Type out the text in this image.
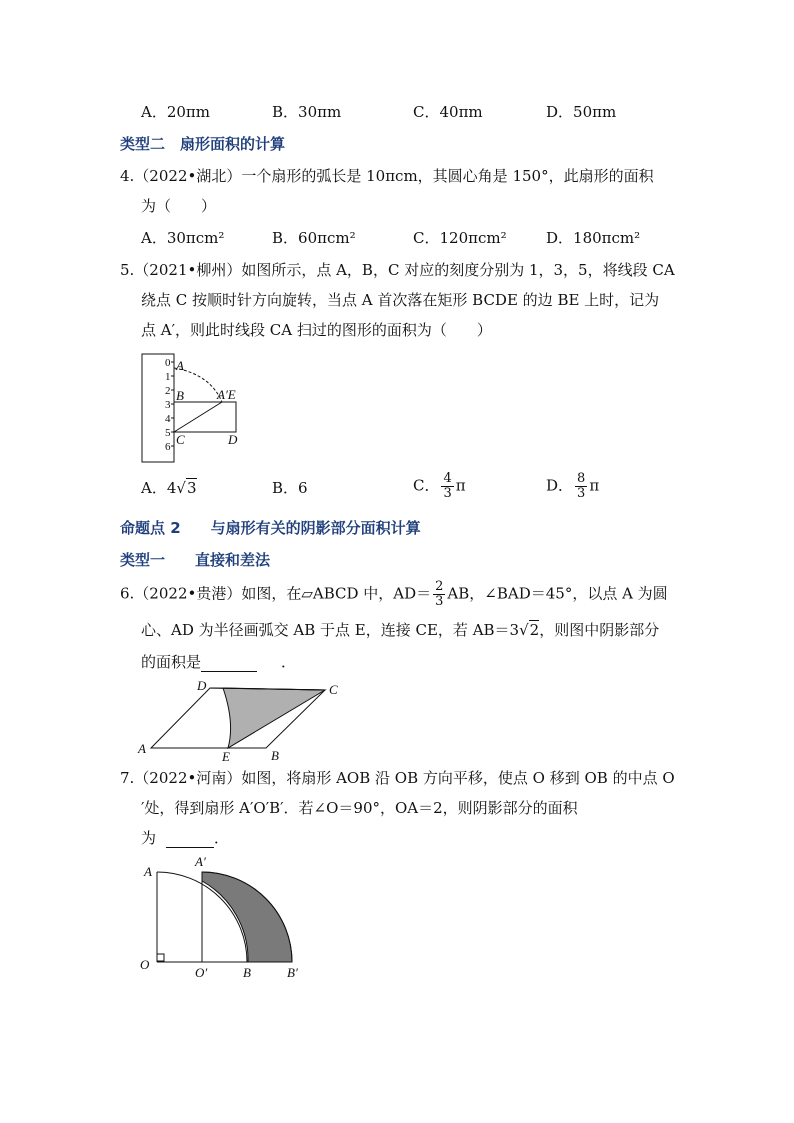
A．20πm	B．30πm	C．40πm	D．50πm
类型二　扇形面积的计算
4.（2022•湖北）一个扇形的弧长是 10πcm，其圆心角是 150°，此扇形的面积
为（　　）
A．30πcm²	B．60πcm²	C．120πcm²	D．180πcm²
5.（2021•柳州）如图所示，点 A，B，C 对应的刻度分别为 1，3，5，将线段 CA
绕点 C 按顺时针方向旋转，当点 A 首次落在矩形 BCDE 的边 BE 上时，记为
点 A′，则此时线段 CA 扫过的图形的面积为（　　）
0
1
2
3
4
5
6
A
B	A′E
C	D
A．4√3	B．6	C． $\frac{4}{3}$ π	D． $\frac{8}{3}$ π
命题点 2　　与扇形有关的阴影部分面积计算
类型一　　直接和差法
6.（2022•贵港）如图，在▱ABCD 中，$AD= \frac{2}{3}$ AB，∠BAD＝45°，以点 A 为圆
心、AD 为半径画弧交 AB 于点 E，连接 CE，若 AB＝3√2，则图中阴影部分
的面积是	．
A	B
C
D
E
7.（2022•河南）如图，将扇形 AOB 沿 OB 方向平移，使点 O 移到 OB 的中点 O
′处，得到扇形 A′O′B′．若∠O＝90°，OA＝2，则阴影部分的面积
为	．
A
A′
O
O′	B	B′
